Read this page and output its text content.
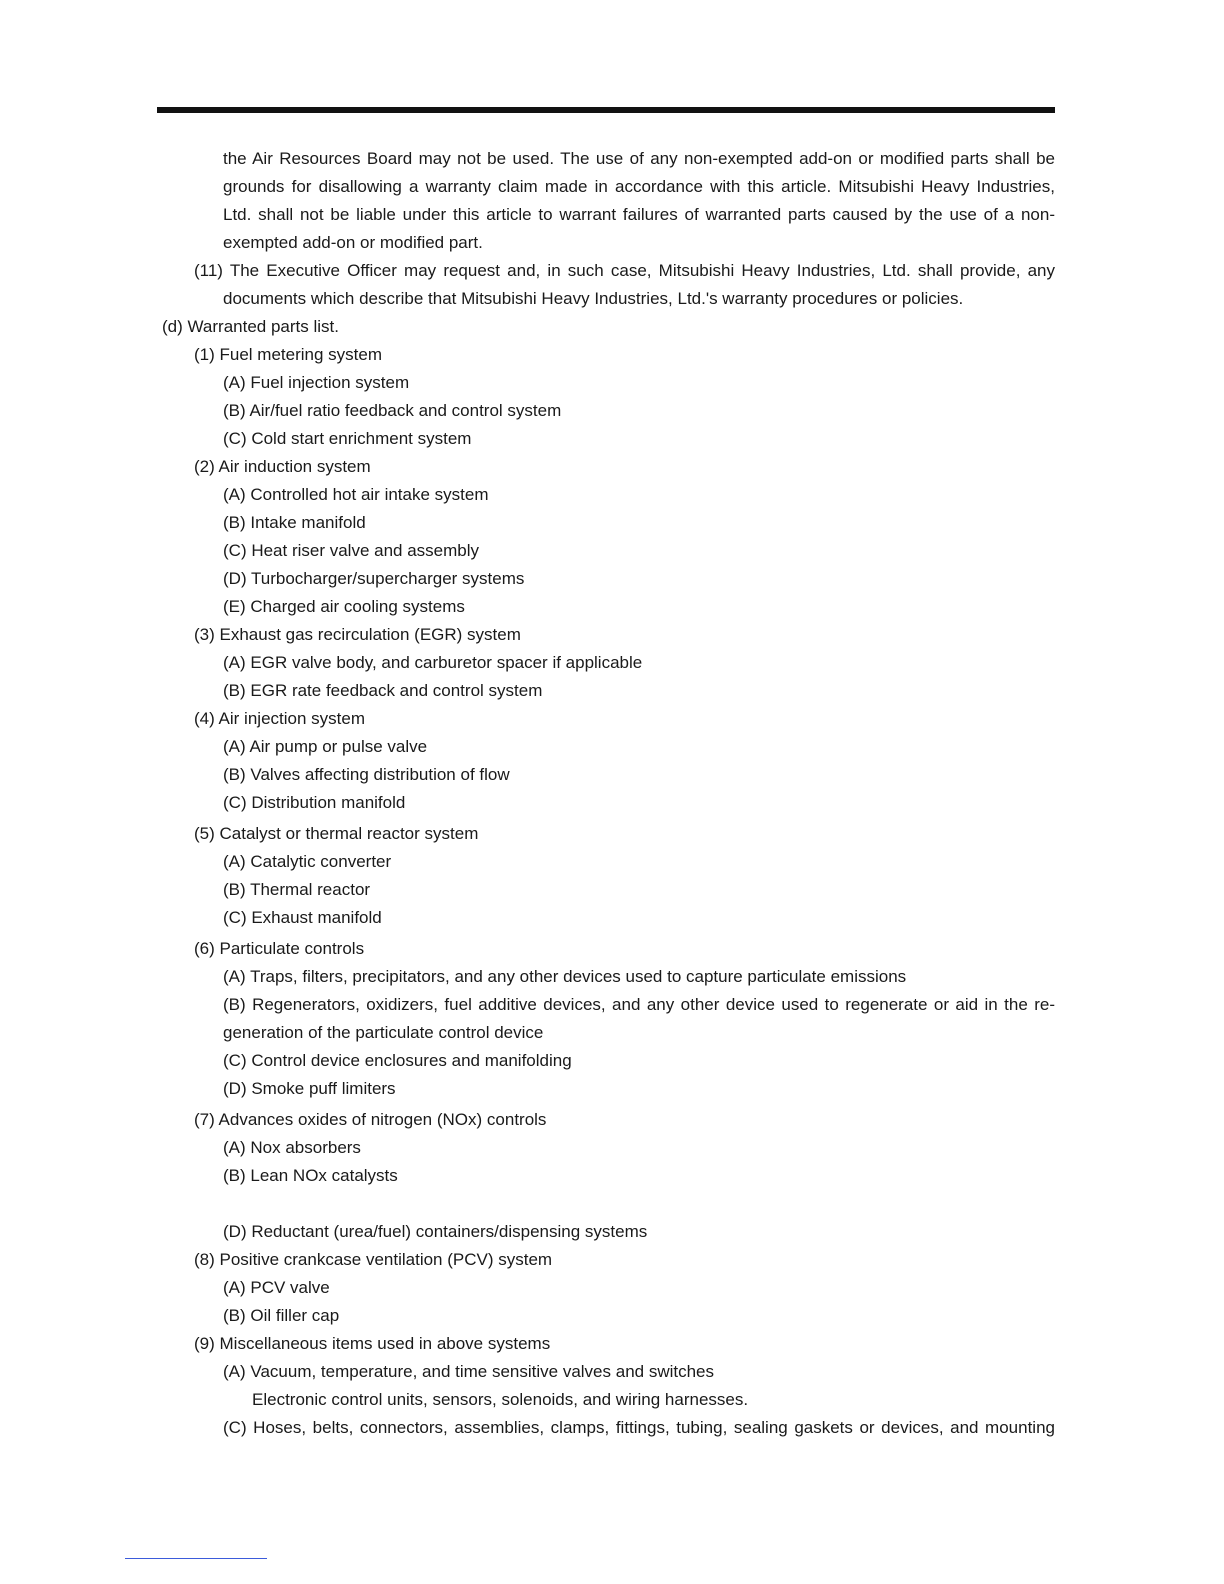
the Air Resources Board may not be used. The use of any non-exempted add-on or modified parts shall be
grounds for disallowing a warranty claim made in accordance with this article. Mitsubishi Heavy Industries,
Ltd. shall not be liable under this article to warrant failures of warranted parts caused by the use of a non-
exempted add-on or modified part.
(11) The Executive Officer may request and, in such case, Mitsubishi Heavy Industries, Ltd. shall provide, any
documents which describe that Mitsubishi Heavy Industries, Ltd.'s warranty procedures or policies.
(d) Warranted parts list.
(1) Fuel metering system
(A) Fuel injection system
(B) Air/fuel ratio feedback and control system
(C) Cold start enrichment system
(2) Air induction system
(A) Controlled hot air intake system
(B) Intake manifold
(C) Heat riser valve and assembly
(D) Turbocharger/supercharger systems
(E) Charged air cooling systems
(3) Exhaust gas recirculation (EGR) system
(A) EGR valve body, and carburetor spacer if applicable
(B) EGR rate feedback and control system
(4) Air injection system
(A) Air pump or pulse valve
(B) Valves affecting distribution of flow
(C) Distribution manifold
(5) Catalyst or thermal reactor system
(A) Catalytic converter
(B) Thermal reactor
(C) Exhaust manifold
(6) Particulate controls
(A) Traps, filters, precipitators, and any other devices used to capture particulate emissions
(B) Regenerators, oxidizers, fuel additive devices, and any other device used to regenerate or aid in the re-
generation of the particulate control device
(C) Control device enclosures and manifolding
(D) Smoke puff limiters
(7) Advances oxides of nitrogen (NOx) controls
(A) Nox absorbers
(B) Lean NOx catalysts
(D) Reductant (urea/fuel) containers/dispensing systems
(8) Positive crankcase ventilation (PCV) system
(A) PCV valve
(B) Oil filler cap
(9) Miscellaneous items used in above systems
(A) Vacuum, temperature, and time sensitive valves and switches
Electronic control units, sensors, solenoids, and wiring harnesses.
(C) Hoses, belts, connectors, assemblies, clamps, fittings, tubing, sealing gaskets or devices, and mounting
